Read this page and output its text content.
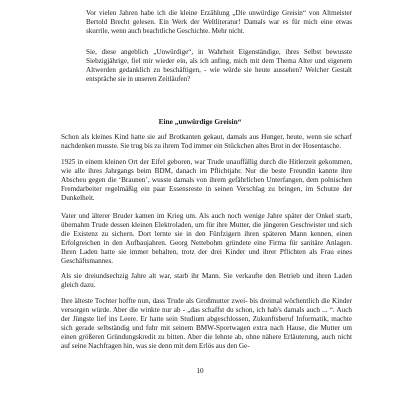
Vor vielen Jahren habe ich die kleine Erzählung „Die unwürdige Greisin“ von Altmeister Bertold Brecht gelesen. Ein Werk der Weltliteratur! Damals war es für mich eine etwas skurrile, wenn auch beachtliche Geschichte. Mehr nicht.

Sie, diese angeblich „Unwürdige“, in Wahrheit Eigenständige, ihres Selbst bewusste Siebzigjährige, fiel mir wieder ein, als ich anfing, mich mit dem Thema Alter und eigenem Altwerden gedanklich zu beschäftigen, - wie würde sie heute aussehen? Welcher Gestalt entspräche sie in unseren Zeitläufen?

Eine „unwürdige Greisin“

Schon als kleines Kind hatte sie auf Brotkanten gekaut, damals aus Hunger, heute, wenn sie scharf nachdenken musste. Sie trug bis zu ihrem Tod immer ein Stückchen altes Brot in der Hosentasche.

1925 in einem kleinen Ort der Eifel geboren, war Trude unauffällig durch die Hitlerzeit gekommen, wie alle ihres Jahrgangs beim BDM, danach im Pflichtjahr. Nur die beste Freundin kannte ihre Abscheu gegen die ‘Braunen’, wusste damals von ihrem gefährlichen Unterfangen, dem polnischen Fremdarbeiter regelmäßig ein paar Essensreste in seinen Verschlag zu bringen, im Schutze der Dunkelheit.

Vater und älterer Bruder kamen im Krieg um. Als auch noch wenige Jahre später der Onkel starb, übernahm Trude dessen kleinen Elektroladen, um für ihre Mutter, die jüngeren Geschwister und sich die Existenz zu sichern. Dort lernte sie in den Fünfzigern ihren späteren Mann kennen, einen Erfolgreichen in den Aufbaujahren. Georg Nettebohm gründete eine Firma für sanitäre Anlagen. Ihren Laden hatte sie immer behalten, trotz der drei Kinder und ihrer Pflichten als Frau eines Geschäftsmannes.

Als sie dreiundsechzig Jahre alt war, starb ihr Mann. Sie verkaufte den Betrieb und ihren Laden gleich dazu.

Ihre älteste Tochter hoffte nun, dass Trude als Großmutter zwei- bis dreimal wöchentlich die Kinder versorgen würde. Aber die winkte nur ab - „das schaffst du schon, ich hab's damals auch ... “. Auch der Jüngste lief ins Leere. Er hatte sein Studium abgeschlossen, Zukunftsberuf Informatik, machte sich gerade selbständig und fuhr mit seinem BMW-Sportwagen extra nach Hause, die Mutter um einen größeren Gründungskredit zu bitten. Aber die lehnte ab, ohne nähere Erläuterung, auch nicht auf seine Nachfragen hin, was sie denn mit dem Erlös aus den Ge-

10
